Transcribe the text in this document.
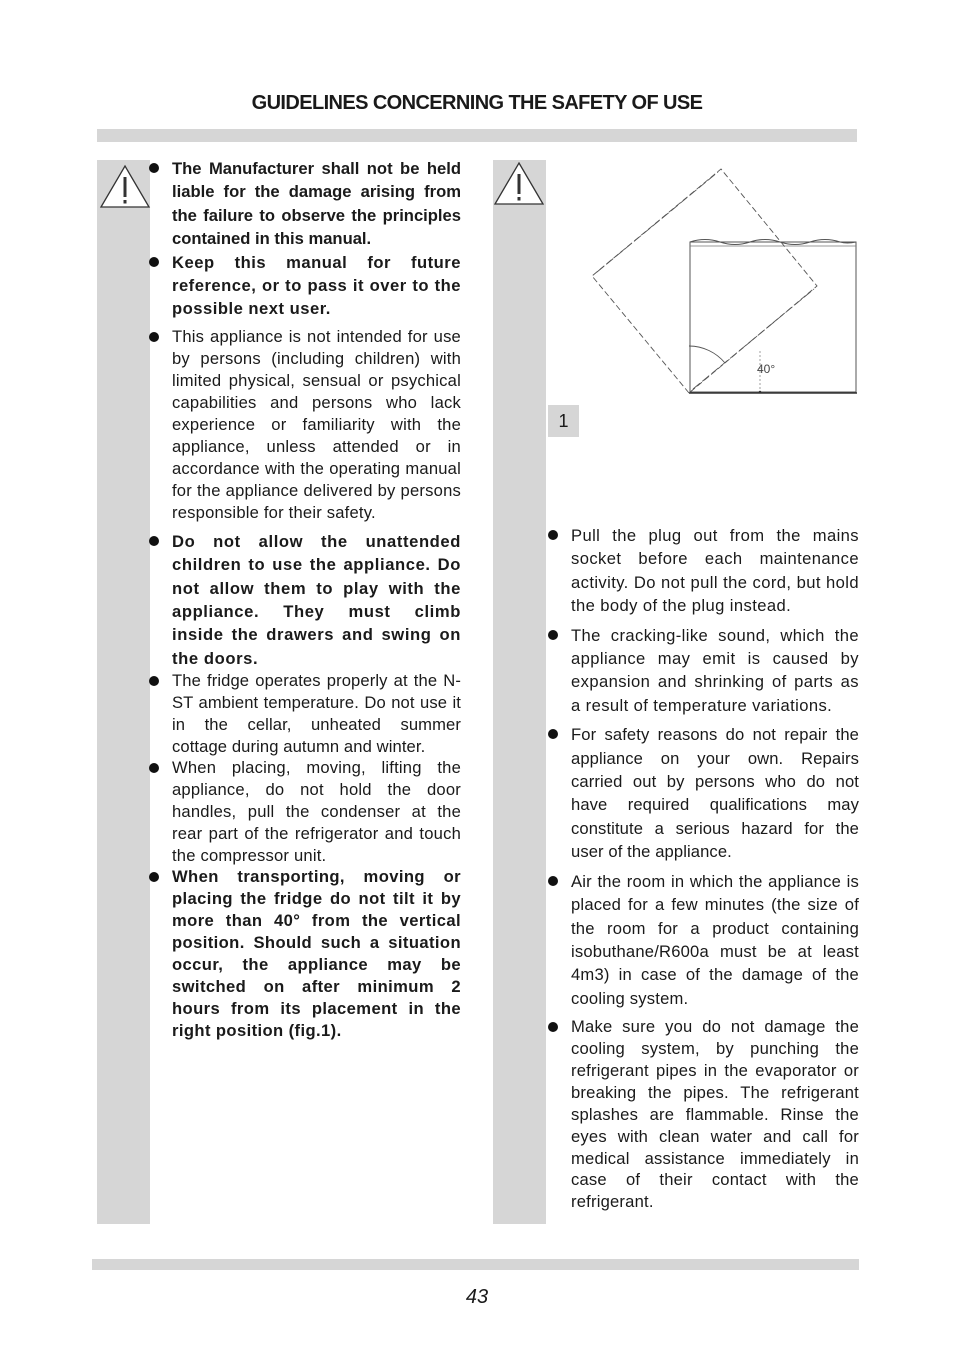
GUIDELINES CONCERNING THE SAFETY OF USE
The Manufacturer shall not be held liable for the damage arising from the failure to observe the principles contained in this manual.
Keep this manual for future reference, or to pass it over to the possible next user.
This appliance is not intended for use by persons (including children) with limited physical, sensual or psychical capabilities and persons who lack experience or familiarity with the appliance, unless attended or in accordance with the operating manual for the appliance delivered by persons responsible for their safety.
Do not allow the unattended children to use the appliance. Do not allow them to play with the appliance. They must climb inside the drawers and swing on the doors.
The fridge operates properly at the N-ST ambient temperature. Do not use it in the cellar, unheated summer cottage during autumn and winter.
When placing, moving, lifting the appliance, do not hold the door handles, pull the condenser at the rear part of the refrigerator and touch the compressor unit.
When transporting, moving or placing the fridge do not tilt it by more than 40° from the vertical position. Should such a situation occur, the appliance may be switched on after minimum 2 hours from its placement in the right position (fig.1).
40°
1
Pull the plug out from the mains socket before each maintenance activity. Do not pull the cord, but hold the body of the plug instead.
The cracking-like sound, which the appliance may emit is caused by expansion and shrinking of parts as a result of temperature variations.
For safety reasons do not repair the appliance on your own. Repairs carried out by persons who do not have required qualifications may constitute a serious hazard for the user of the appliance.
Air the room in which the appliance is placed for a few minutes (the size of the room for a product containing isobuthane/R600a must be at least 4m3) in case of the damage of the cooling system.
Make sure you do not damage the cooling system, by punching the refrigerant pipes in the evaporator or breaking the pipes. The refrigerant splashes are flammable. Rinse the eyes with clean water and call for medical assistance immediately in case of their contact with the refrigerant.
43
